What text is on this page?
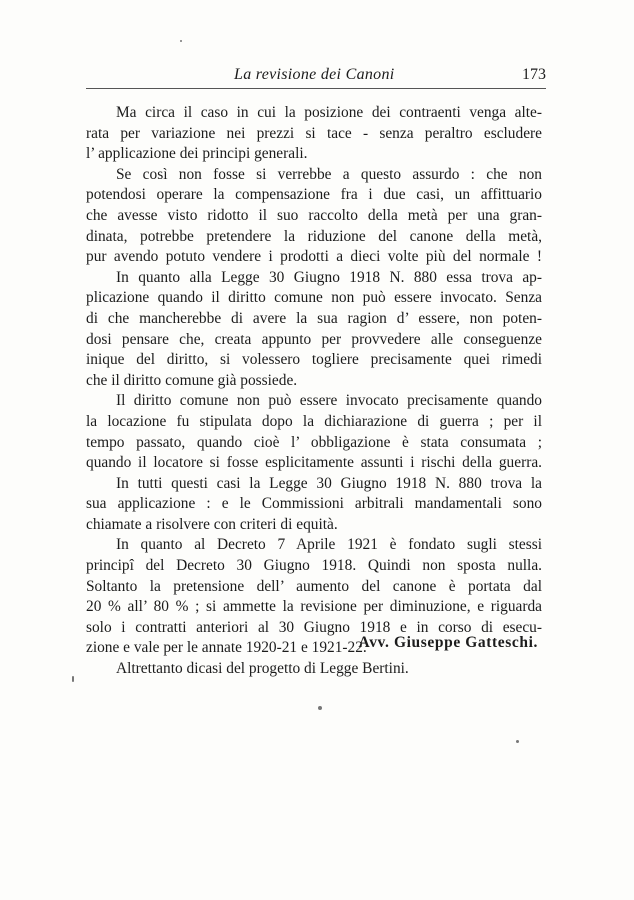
La revisione dei Canoni	173
Ma circa il caso in cui la posizione dei contraenti venga alte-
rata per variazione nei prezzi si tace - senza peraltro escludere
l’ applicazione dei principi generali.
Se così non fosse si verrebbe a questo assurdo : che non
potendosi operare la compensazione fra i due casi, un affittuario
che avesse visto ridotto il suo raccolto della metà per una gran-
dinata, potrebbe pretendere la riduzione del canone della metà,
pur avendo potuto vendere i prodotti a dieci volte più del normale !
In quanto alla Legge 30 Giugno 1918 N. 880 essa trova ap-
plicazione quando il diritto comune non può essere invocato. Senza
di che mancherebbe di avere la sua ragion d’ essere, non poten-
dosi pensare che, creata appunto per provvedere alle conseguenze
inique del diritto, si volessero togliere precisamente quei rimedi
che il diritto comune già possiede.
Il diritto comune non può essere invocato precisamente quando
la locazione fu stipulata dopo la dichiarazione di guerra ; per il
tempo passato, quando cioè l’ obbligazione è stata consumata ;
quando il locatore si fosse esplicitamente assunti i rischi della guerra.
In tutti questi casi la Legge 30 Giugno 1918 N. 880 trova la
sua applicazione : e le Commissioni arbitrali mandamentali sono
chiamate a risolvere con criteri di equità.
In quanto al Decreto 7 Aprile 1921 è fondato sugli stessi
principî del Decreto 30 Giugno 1918. Quindi non sposta nulla.
Soltanto la pretensione dell’ aumento del canone è portata dal
20 % all’ 80 % ; si ammette la revisione per diminuzione, e riguarda
solo i contratti anteriori al 30 Giugno 1918 e in corso di esecu-
zione e vale per le annate 1920-21 e 1921-22.
Altrettanto dicasi del progetto di Legge Bertini.
Avv. Giuseppe Gatteschi.
